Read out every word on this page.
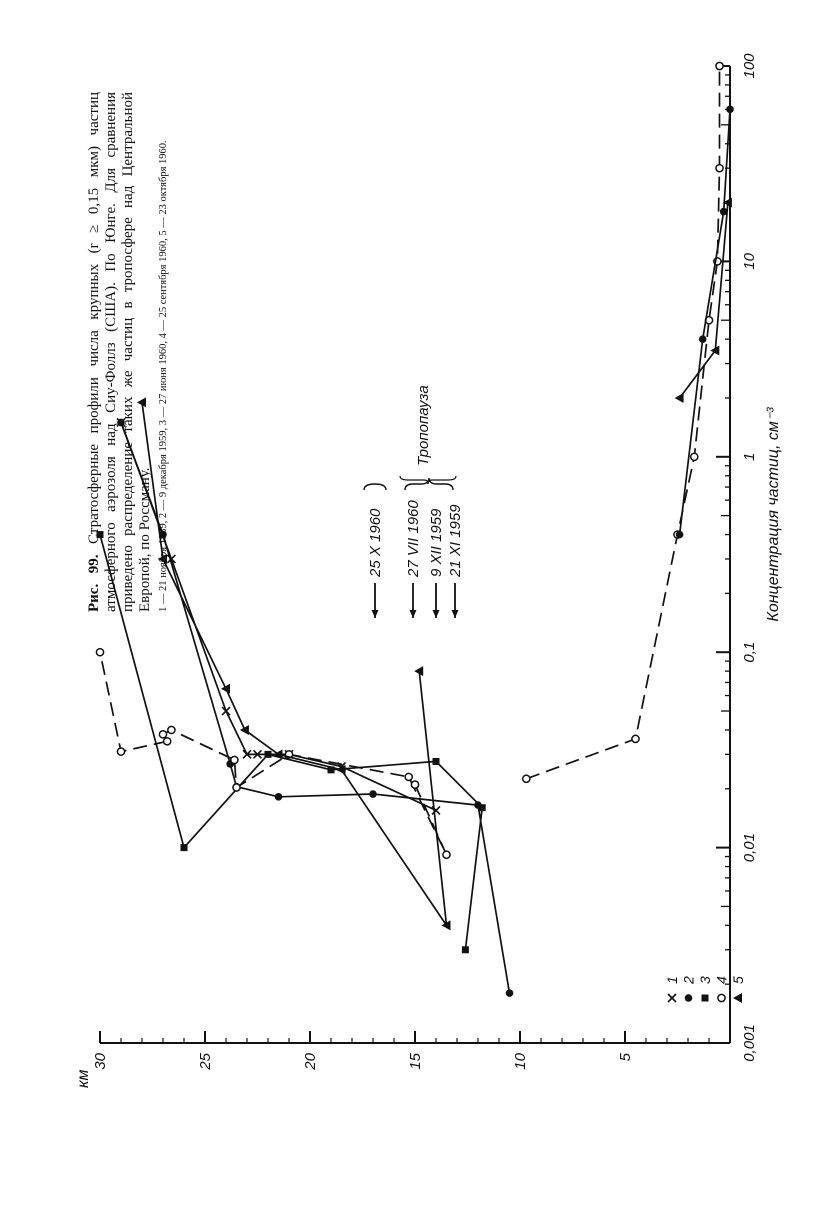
0,001
0,01
0,1
1
10
100
5
10
15
20
25
30
км
Концентрация частиц, см⁻³
1 2 3 4 5
25 X 1960 27 VII 1960 9 XII 1959 21 XI 1959
Тропопауза

Рис. 99. Стратосферные профили числа крупных (r ≥ 0,15 мкм) частиц атмосферного аэрозоля над Сиу-Фоллз (США). По Юнге. Для сравнения приведено распределение таких же частиц в тропосфере над Центральной Европой, по Россману. 1 — 21 ноября 1959, 2 — 9 декабря 1959, 3 — 27 июня 1960, 4 — 25 сентября 1960, 5 — 23 октября 1960.
